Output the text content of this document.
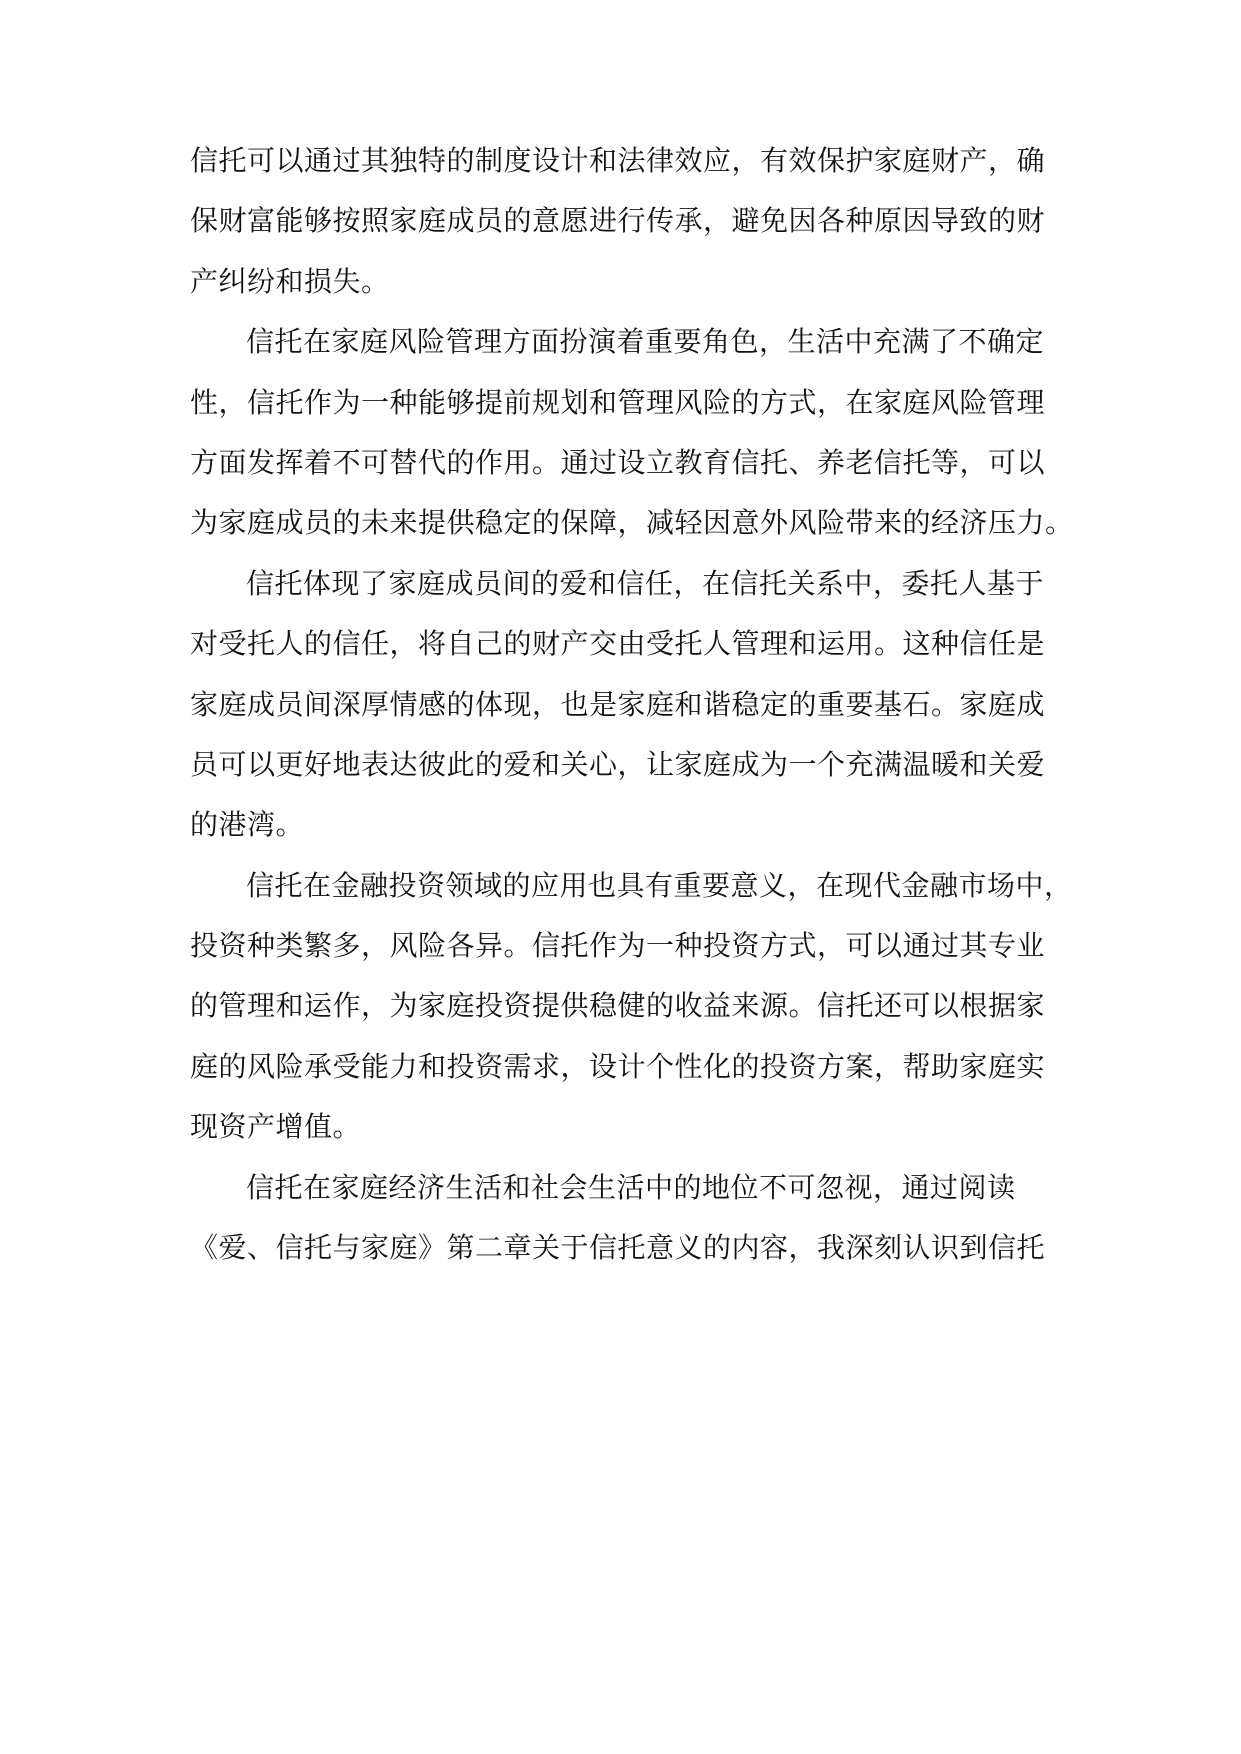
信托可以通过其独特的制度设计和法律效应，有效保护家庭财产，确
保财富能够按照家庭成员的意愿进行传承，避免因各种原因导致的财
产纠纷和损失。
信托在家庭风险管理方面扮演着重要角色，生活中充满了不确定
性，信托作为一种能够提前规划和管理风险的方式，在家庭风险管理
方面发挥着不可替代的作用。通过设立教育信托、养老信托等，可以
为家庭成员的未来提供稳定的保障，减轻因意外风险带来的经济压力。
信托体现了家庭成员间的爱和信任，在信托关系中，委托人基于
对受托人的信任，将自己的财产交由受托人管理和运用。这种信任是
家庭成员间深厚情感的体现，也是家庭和谐稳定的重要基石。家庭成
员可以更好地表达彼此的爱和关心，让家庭成为一个充满温暖和关爱
的港湾。
信托在金融投资领域的应用也具有重要意义，在现代金融市场中，
投资种类繁多，风险各异。信托作为一种投资方式，可以通过其专业
的管理和运作，为家庭投资提供稳健的收益来源。信托还可以根据家
庭的风险承受能力和投资需求，设计个性化的投资方案，帮助家庭实
现资产增值。
信托在家庭经济生活和社会生活中的地位不可忽视，通过阅读
《爱、信托与家庭》第二章关于信托意义的内容，我深刻认识到信托
